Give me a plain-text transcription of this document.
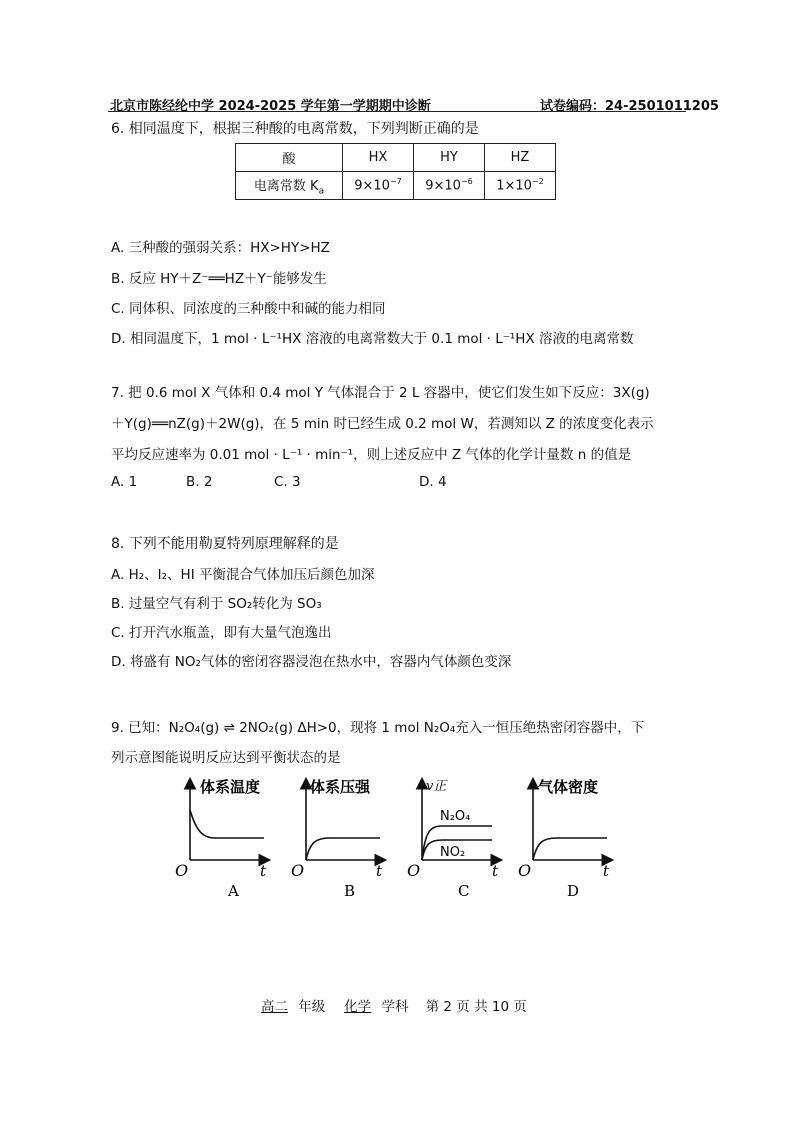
北京市陈经纶中学 2024-2025 学年第一学期期中诊断	试卷编码：24-2501011205
6. 相同温度下，根据三种酸的电离常数，下列判断正确的是
酸	HX	HY	HZ
电离常数 $K_a$	$9\times 10^{-7}$	$9\times 10^{-6}$	$1\times 10^{-2}$
A. 三种酸的强弱关系：HX>HY>HZ
B. 反应 HY＋Z⁻══HZ＋Y⁻能够发生
C. 同体积、同浓度的三种酸中和碱的能力相同
D. 相同温度下，1 mol · L⁻¹HX 溶液的电离常数大于 0.1 mol · L⁻¹HX 溶液的电离常数
7. 把 0.6 mol X 气体和 0.4 mol Y 气体混合于 2 L 容器中，使它们发生如下反应：3X(g)
＋Y(g)══nZ(g)＋2W(g)，在 5 min 时已经生成 0.2 mol W，若测知以 Z 的浓度变化表示
平均反应速率为 0.01 mol · L⁻¹ · min⁻¹，则上述反应中 Z 气体的化学计量数 n 的值是
A. 1	B. 2	C. 3	D. 4
8. 下列不能用勒夏特列原理解释的是
A. H₂、I₂、HI 平衡混合气体加压后颜色加深
B. 过量空气有利于 SO₂转化为 SO₃
C. 打开汽水瓶盖，即有大量气泡逸出
D. 将盛有 NO₂气体的密闭容器浸泡在热水中，容器内气体颜色变深
9. 已知：N₂O₄(g) ⇌ 2NO₂(g) ΔH>0，现将 1 mol N₂O₄充入一恒压绝热密闭容器中，下
列示意图能说明反应达到平衡状态的是
体系温度
O	t
A
体系压强
O	t
B
v正
N₂O₄
NO₂
O	t
C
气体密度
O	t
D
高二 年级 化学 学科 第 2 页 共 10 页
